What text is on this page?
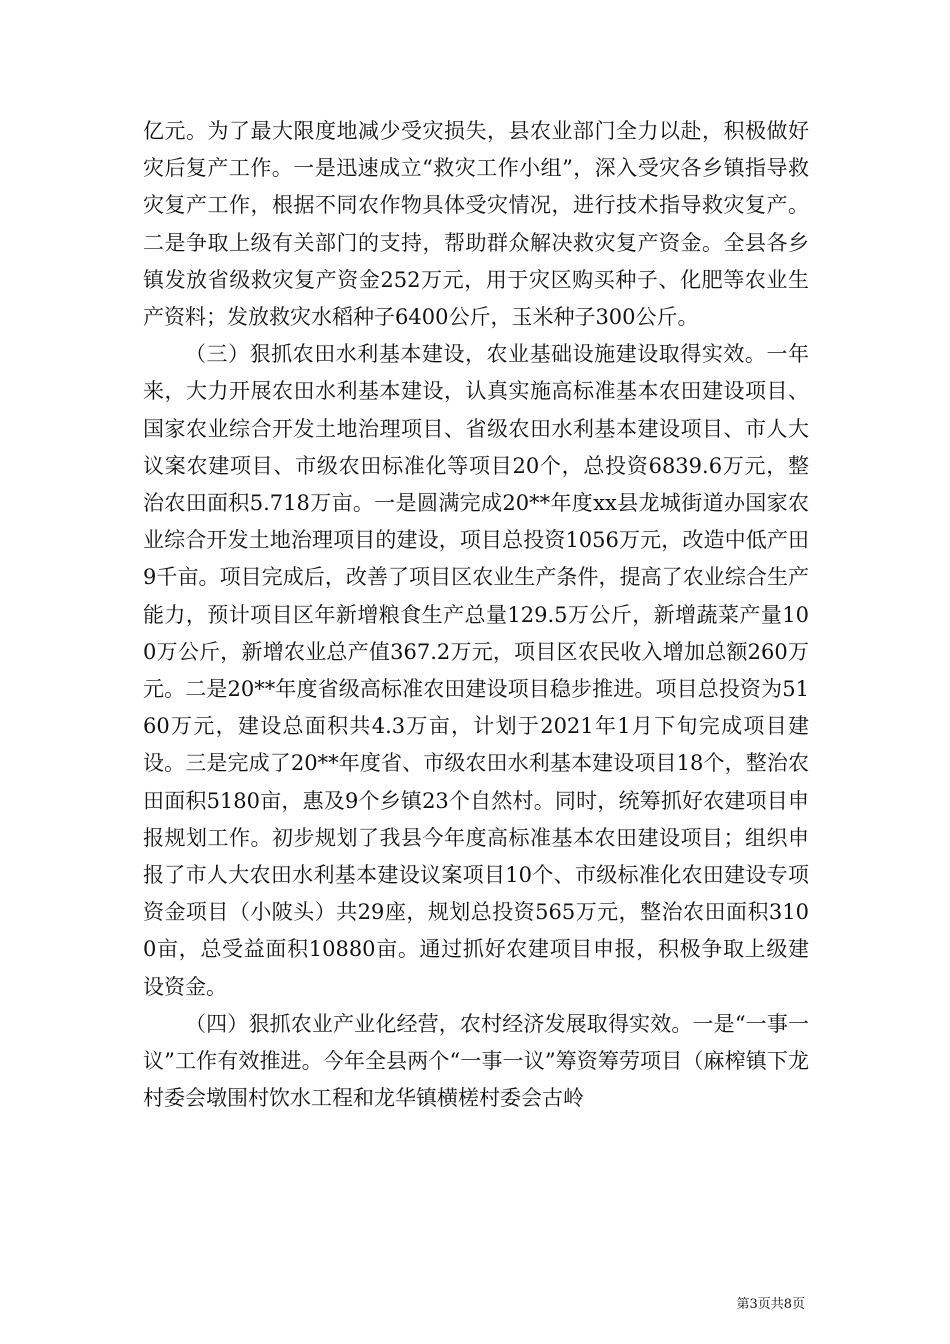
亿元。为了最大限度地减少受灾损失，县农业部门全力以赴，积极做好灾后复产工作。一是迅速成立“救灾工作小组”，深入受灾各乡镇指导救灾复产工作，根据不同农作物具体受灾情况，进行技术指导救灾复产。二是争取上级有关部门的支持，帮助群众解决救灾复产资金。全县各乡镇发放省级救灾复产资金252万元，用于灾区购买种子、化肥等农业生产资料；发放救灾水稻种子6400公斤，玉米种子300公斤。

（三）狠抓农田水利基本建设，农业基础设施建设取得实效。一年来，大力开展农田水利基本建设，认真实施高标准基本农田建设项目、国家农业综合开发土地治理项目、省级农田水利基本建设项目、市人大议案农建项目、市级农田标准化等项目20个，总投资6839.6万元，整治农田面积5.718万亩。一是圆满完成20**年度xx县龙城街道办国家农业综合开发土地治理项目的建设，项目总投资1056万元，改造中低产田9千亩。项目完成后，改善了项目区农业生产条件，提高了农业综合生产能力，预计项目区年新增粮食生产总量129.5万公斤，新增蔬菜产量100万公斤，新增农业总产值367.2万元，项目区农民收入增加总额260万元。二是20**年度省级高标准农田建设项目稳步推进。项目总投资为5160万元，建设总面积共4.3万亩，计划于2021年1月下旬完成项目建设。三是完成了20**年度省、市级农田水利基本建设项目18个，整治农田面积5180亩，惠及9个乡镇23个自然村。同时，统筹抓好农建项目申报规划工作。初步规划了我县今年度高标准基本农田建设项目；组织申报了市人大农田水利基本建设议案项目10个、市级标准化农田建设专项资金项目（小陂头）共29座，规划总投资565万元，整治农田面积3100亩，总受益面积10880亩。通过抓好农建项目申报，积极争取上级建设资金。

（四）狠抓农业产业化经营，农村经济发展取得实效。一是“一事一议”工作有效推进。今年全县两个“一事一议”筹资筹劳项目（麻榨镇下龙村委会墩围村饮水工程和龙华镇横槎村委会古岭

第3页共8页
